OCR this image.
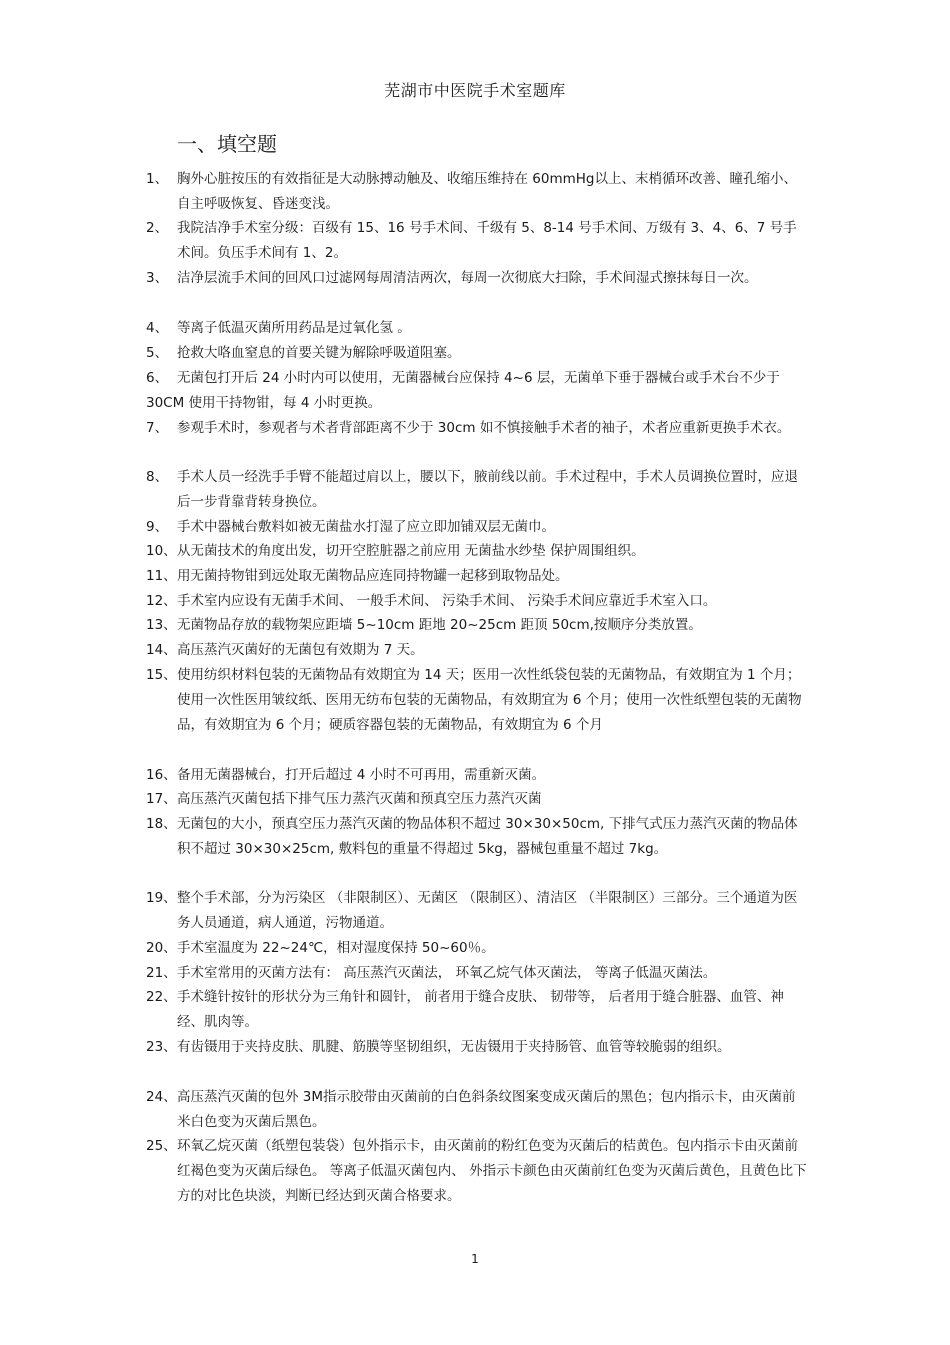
芜湖市中医院手术室题库
一、填空题
1、 胸外心脏按压的有效指征是大动脉搏动触及、收缩压维持在 60mmHg以上、末梢循环改善、瞳孔缩小、自主呼吸恢复、昏迷变浅。
2、 我院洁净手术室分级：百级有 15、16 号手术间、千级有 5、8-14 号手术间、万级有 3、4、6、7 号手术间。负压手术间有 1、2。
3、 洁净层流手术间的回风口过滤网每周清洁两次，每周一次彻底大扫除，手术间湿式擦抹每日一次。
4、 等离子低温灭菌所用药品是过氧化氢 。
5、 抢救大咯血窒息的首要关键为解除呼吸道阻塞。
6、 无菌包打开后 24 小时内可以使用，无菌器械台应保持 4~6 层，无菌单下垂于器械台或手术台不少于 30CM 使用干持物钳，每 4 小时更换。
7、 参观手术时，参观者与术者背部距离不少于 30cm 如不慎接触手术者的袖子，术者应重新更换手术衣。
8、 手术人员一经洗手手臂不能超过肩以上，腰以下，腋前线以前。手术过程中，手术人员调换位置时，应退后一步背靠背转身换位。
9、 手术中器械台敷料如被无菌盐水打湿了应立即加铺双层无菌巾。
10、 从无菌技术的角度出发，切开空腔脏器之前应用 无菌盐水纱垫 保护周围组织。
11、 用无菌持物钳到远处取无菌物品应连同持物罐一起移到取物品处。
12、 手术室内应设有无菌手术间、 一般手术间、 污染手术间、 污染手术间应靠近手术室入口。
13、 无菌物品存放的载物架应距墙 5~10cm 距地 20~25cm 距顶 50cm,按顺序分类放置。
14、 高压蒸汽灭菌好的无菌包有效期为 7 天。
15、 使用纺织材料包装的无菌物品有效期宜为 14 天；医用一次性纸袋包装的无菌物品，有效期宜为 1 个月；使用一次性医用皱纹纸、医用无纺布包装的无菌物品，有效期宜为 6 个月；使用一次性纸塑包装的无菌物品，有效期宜为 6 个月；硬质容器包装的无菌物品，有效期宜为 6 个月
16、 备用无菌器械台，打开后超过 4 小时不可再用，需重新灭菌。
17、 高压蒸汽灭菌包括下排气压力蒸汽灭菌和预真空压力蒸汽灭菌
18、 无菌包的大小，预真空压力蒸汽灭菌的物品体积不超过 30×30×50cm, 下排气式压力蒸汽灭菌的物品体积不超过 30×30×25cm, 敷料包的重量不得超过 5kg，器械包重量不超过 7kg。
19、 整个手术部，分为污染区 （非限制区）、无菌区 （限制区）、清洁区 （半限制区）三部分。三个通道为医务人员通道，病人通道，污物通道。
20、 手术室温度为 22~24℃，相对湿度保持 50~60％。
21、 手术室常用的灭菌方法有： 高压蒸汽灭菌法， 环氧乙烷气体灭菌法， 等离子低温灭菌法。
22、 手术缝针按针的形状分为三角针和圆针， 前者用于缝合皮肤、 韧带等， 后者用于缝合脏器、血管、神经、肌肉等。
23、 有齿镊用于夹持皮肤、肌腱、筋膜等坚韧组织，无齿镊用于夹持肠管、血管等较脆弱的组织。
24、 高压蒸汽灭菌的包外 3M指示胶带由灭菌前的白色斜条纹图案变成灭菌后的黑色；包内指示卡，由灭菌前米白色变为灭菌后黑色。
25、 环氧乙烷灭菌（纸塑包装袋）包外指示卡，由灭菌前的粉红色变为灭菌后的桔黄色。包内指示卡由灭菌前红褐色变为灭菌后绿色。 等离子低温灭菌包内、 外指示卡颜色由灭菌前红色变为灭菌后黄色，且黄色比下方的对比色块淡，判断已经达到灭菌合格要求。
1
